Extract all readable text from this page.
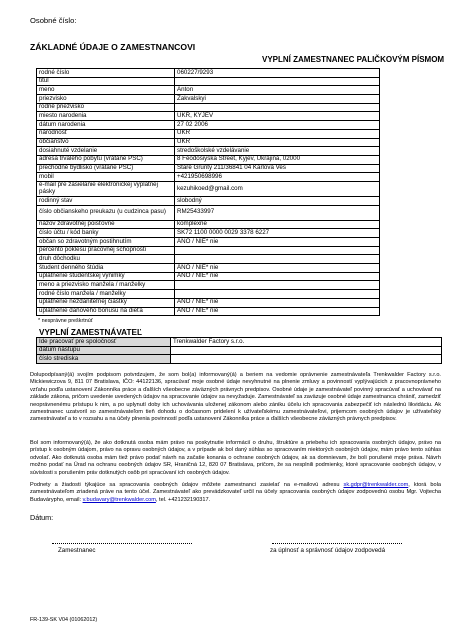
Osobné číslo:
ZÁKLADNÉ ÚDAJE O ZAMESTNANCOVI
VYPLNÍ ZAMESTNANEC PALIČKOVÝM PÍSMOM
rodné číslo	060227/9293
titul	
meno	Anton
priezvisko	Zakvalskyi
rodné priezvisko	
miesto narodenia	UKR, KYJEV
dátum narodenia	27 02 2006
národnosť	UKR
občianstvo	UKR
dosiahnuté vzdelanie	stredoškolské vzdelávanie
adresa trvalého pobytu (vrátane PSČ)	8 Feodosiyska Street, Kyjev, Ukrajina, 02000
prechodné bydlisko (vrátane PSČ)	Staré Grunty 211/36841 04 Karlova Ves
mobil	+421950698996
e-mail pre zasielanie elektronickej výplatnej pásky	kezuhikoed@gmail.com
rodinný stav	slobodný
číslo občianskeho preukazu (u cudzinca pasu)	RM25433997
názov zdravotnej poisťovne	komplexne
číslo účtu / kód banky	SK72 1100 0000 0029 3378 6227
občan so zdravotným postihnutím	ÁNO / NIE* nie
percento poklesu pracovnej schopnosti	
druh dôchodku	
študent denného štúdia	ÁNO / NIE* nie
uplatnenie študentskej výnimky	ÁNO / NIE* nie
meno a priezvisko manžela / manželky	
rodné číslo manžela / manželky	
uplatnenie nezdaniteľnej čiastky	ÁNO / NIE* nie
uplatnenie daňového bonusu na dieťa	ÁNO / NIE* nie
* nesprávne preškrtnúť
VYPLNÍ ZAMESTNÁVATEĽ
Ide pracovať pre spoločnosť	Trenkwalder Factory s.r.o.
dátum nástupu	
číslo strediska	
Dolupodpísaný(á) svojím podpisom potvrdzujem, že som bol(a) informovaný(á) a beriem na vedomie oprávnenie zamestnávateľa Trenkwalder Factory s.r.o. Mickiewiczova 9, 811 07 Bratislava, IČO: 44122136, spracúvať moje osobné údaje nevyhnutné na plnenie zmluvy a povinností vyplývajúcich z pracovnoprávneho vzťahu podľa ustanovení Zákonníka práce a ďalších všeobecne záväzných právnych predpisov. Osobné údaje je zamestnávateľ povinný spracúvať a uchovávať na základe zákona, pričom uvedenie uvedených údajov na spracovanie údajov sa nevyžaduje. Zamestnávateľ sa zaväzuje osobné údaje zamestnanca chrániť, zamedziť neoprávnenému prístupu k nim, a po uplynutí doby ich uchovávania uloženej zákonom alebo zániku účelu ich spracovania zabezpečiť ich následnú likvidáciu. Ak zamestnanec uzatvoril so zamestnávateľom tieň dohodu o dočasnom pridelení k užívateľskému zamestnávateľovi, prijemcom osobných údajov je užívateľský zamestnávateľ a to v rozsahu a na účely plnenia povinností podľa ustanovení Zákonníka práce a ďalších všeobecne záväzných právnych predpisov.
Bol som informovaný(á), že ako dotknutá osoba mám právo na poskytnutie informácií o druhu, štruktúre a priebehu ich spracovania osobných údajov, právo na prístup k osobným údajom, právo na opravu osobných údajov, a v prípade ak bol daný súhlas so spracovaním niektorých osobných údajov, mám právo tento súhlas odvolať. Ako dotknutá osoba mám tiež právo podať návrh na začatie konania o ochrane osobných údajov, ak sa domnievam, že boli porušené moje práva. Návrh možno podať na Úrad na ochranu osobných údajov SR, Hraničná 12, 820 07 Bratislava, pričom, že sa nesplnili podmienky, ktoré spracovanie osobných údajov, v súvislosti s porušením práv dotknutých osôb pri spracúvaní ich osobných údajov.
Podnety a žiadosti týkajúce sa spracovania osobných údajov môžete zamestnanci zasielať na e-mailovú adresu sk.gdpr@trenkwalder.com, ktorá bola zamestnávateľom zriadená práve na tento účel. Zamestnávateľ ako prevádzkovateľ určil na účely spracovania osobných údajov zodpovednú osobu Mgr. Vojtecha Budavárypho, email: v.budavary@trenkwalder.com, tel. +421232190317.
Dátum:
Zamestnanec	za úplnosť a správnosť údajov zodpovedá
FR-139-SK V04 (01062012)
